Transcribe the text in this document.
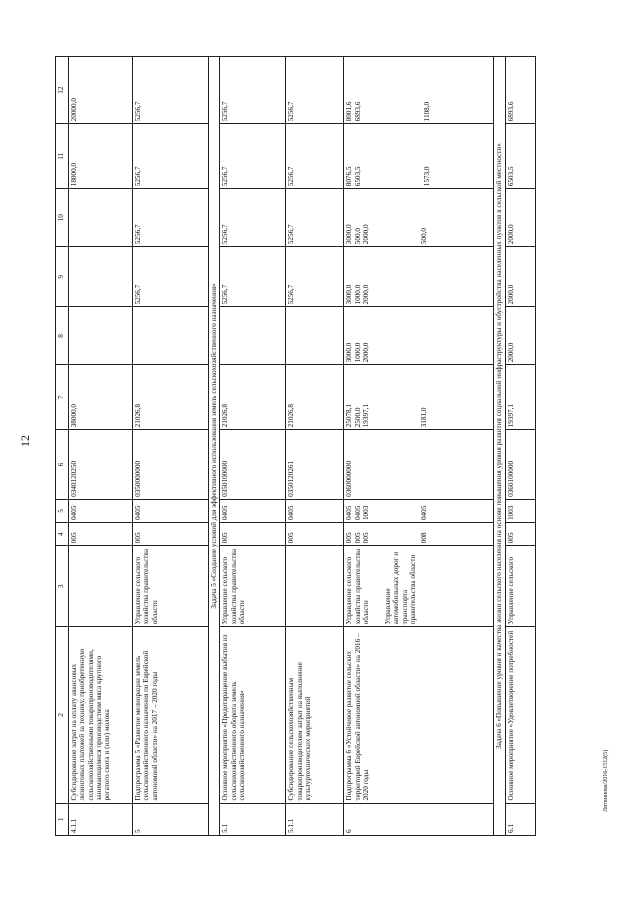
12
Литвинова/2016-1512(5)
1	2	3	4	5	6	7	8	9	10	11	12
4.1.1	Субсидирование затрат на оплату авансовых лизинговых платежей за технику, приобретенную сельскохозяйственными товаропроизводителями, занимающимися производством мяса крупного рогатого скота и (или) молока		005	0405	0340120250	38000,0				18000,0	20000,0
5	Подпрограмма 5 «Развитие мелиорации земель сельскохозяйственного назначения по Еврейской автономной области» на 2017 – 2020 годы	Управление сельского хозяйства правительства области	005	0405	0350000000	21026,8		5256,7	5256,7	5256,7	5256,7
Задача 5 «Создание условий для эффективного использования земель сельскохозяйственного назначения»											
5.1	Основное мероприятие «Предотвращение выбытия из сельскохозяйственного оборота земель сельскохозяйственного назначения»	Управление сельского хозяйства правительства области	005	0405	0350100000	21026,8		5256,7	5256,7	5256,7	5256,7
5.1.1	Субсидирование сельскохозяйственным товаропроизводителям затрат на выполнение культуртехнических мероприятий		005	0405	0350120261	21026,8		5256,7	5256,7	5256,7	5256,7
6	Подпрограмма 6 «Устойчивое развитие сельских территорий Еврейской автономной области» на 2016 – 2020 годы	Управление сельского хозяйства правительства области Управление автомобильных дорог и транспорта правительства области	005 005 005 008	0405 0405 1003 0405	0360000000	25078,1 2500,0 19397,1 3181,0	3000,0 1000,0 2000,0	3000,0 1000,0 2000,0	3000,0 500,0 2000,0 500,0	8076,5 6503,5 1573,0	8001,6 6893,6 1108,0

Задача 6 «Повышение уровня и качества жизни сельского населения на основе повышения уровня развития социальной инфраструктуры и обустройства населенных пунктов в сельской местности»											
6.1	Основное мероприятие «Удовлетворение потребностей	Управление сельского	005	1003	0360100000	19397,1	2000,0	2000,0	2000,0	6503,5	6893,6
